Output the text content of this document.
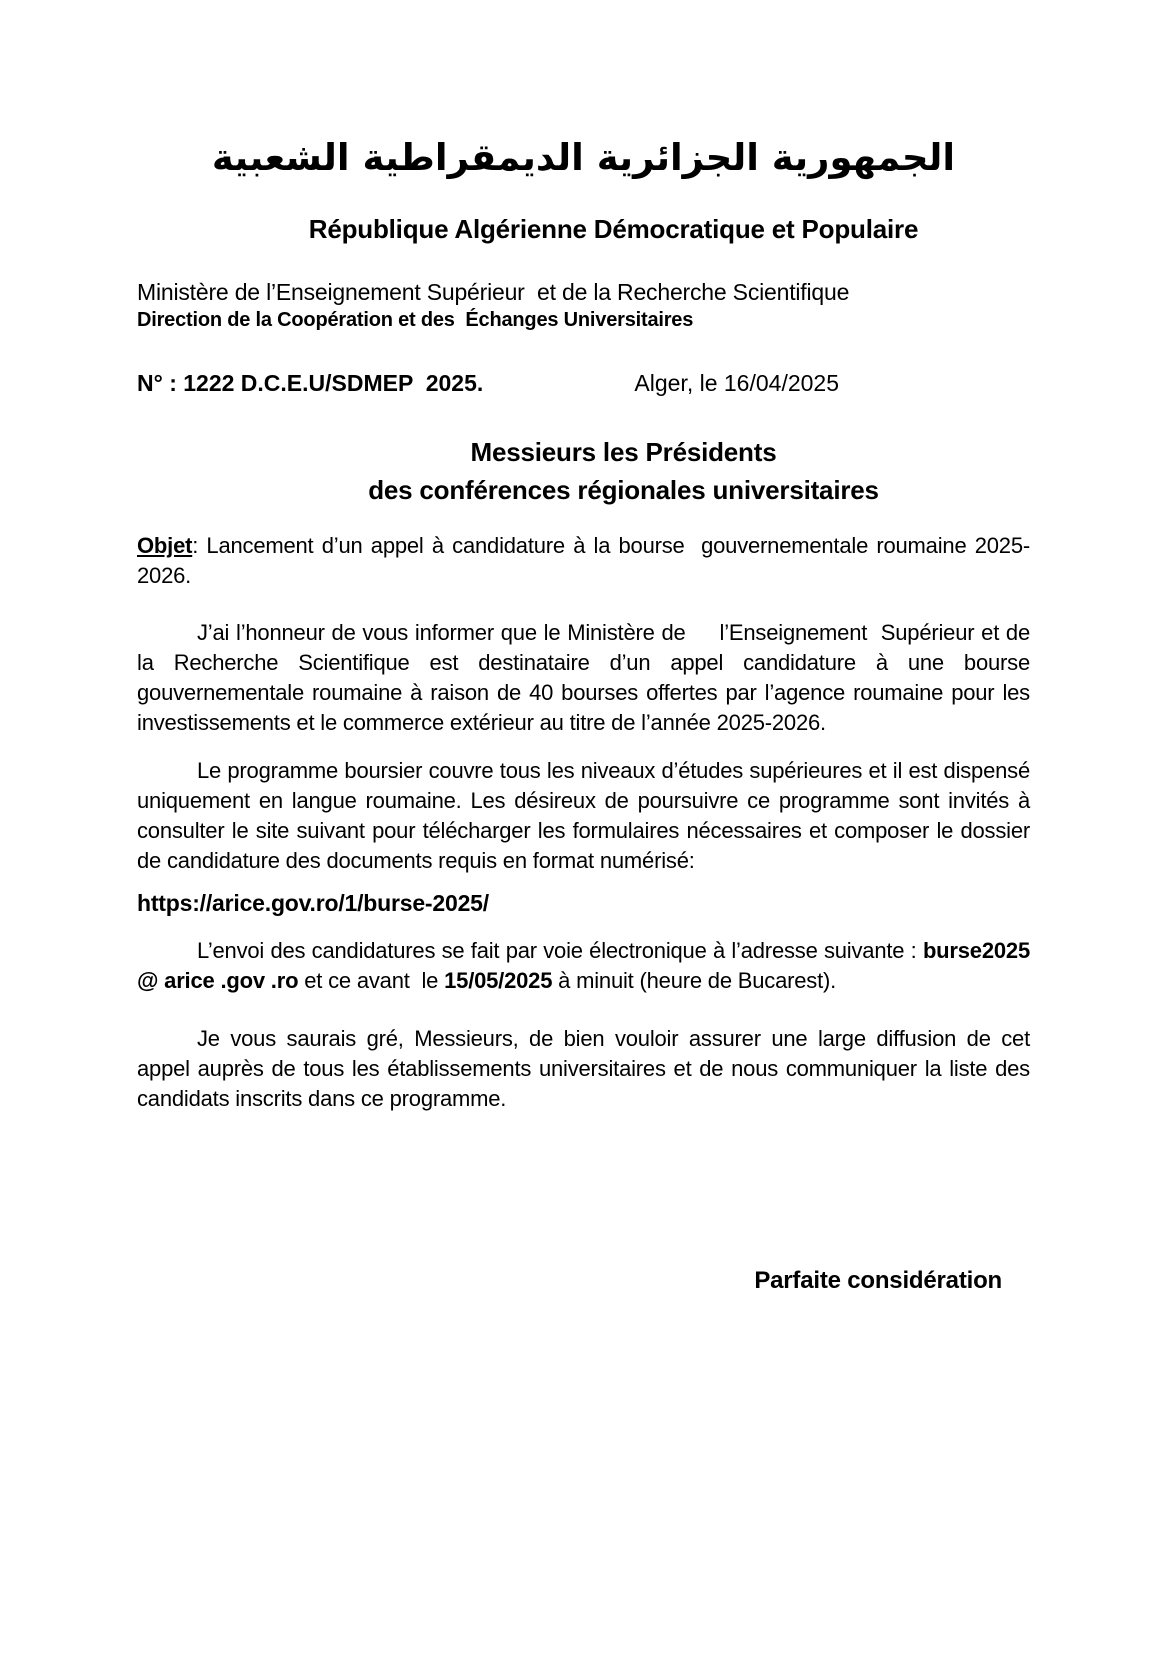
الجمهورية الجزائرية الديمقراطية الشعبية
République Algérienne Démocratique et Populaire
Ministère de l’Enseignement Supérieur  et de la Recherche Scientifique
Direction de la Coopération et des  Échanges Universitaires
N° : 1222 D.C.E.U/SDMEP  2025.	Alger, le 16/04/2025
Messieurs les Présidents
des conférences régionales universitaires

Objet: Lancement d’un appel à candidature à la bourse  gouvernementale roumaine 2025-2026.

J’ai l’honneur de vous informer que le Ministère de     l’Enseignement  Supérieur et de la Recherche Scientifique est destinataire d’un appel candidature à une bourse gouvernementale roumaine à raison de 40 bourses offertes par l’agence roumaine pour les investissements et le commerce extérieur au titre de l’année 2025-2026.

Le programme boursier couvre tous les niveaux d’études supérieures et il est dispensé uniquement en langue roumaine. Les désireux de poursuivre ce programme sont invités à consulter le site suivant pour télécharger les formulaires nécessaires et composer le dossier de candidature des documents requis en format numérisé:

https://arice.gov.ro/1/burse-2025/

L’envoi des candidatures se fait par voie électronique à l’adresse suivante : burse2025 @ arice .gov .ro et ce avant  le 15/05/2025 à minuit (heure de Bucarest).

Je vous saurais gré, Messieurs, de bien vouloir assurer une large diffusion de cet  appel auprès de tous les établissements universitaires et de nous communiquer la liste des candidats inscrits dans ce programme.

Parfaite considération
